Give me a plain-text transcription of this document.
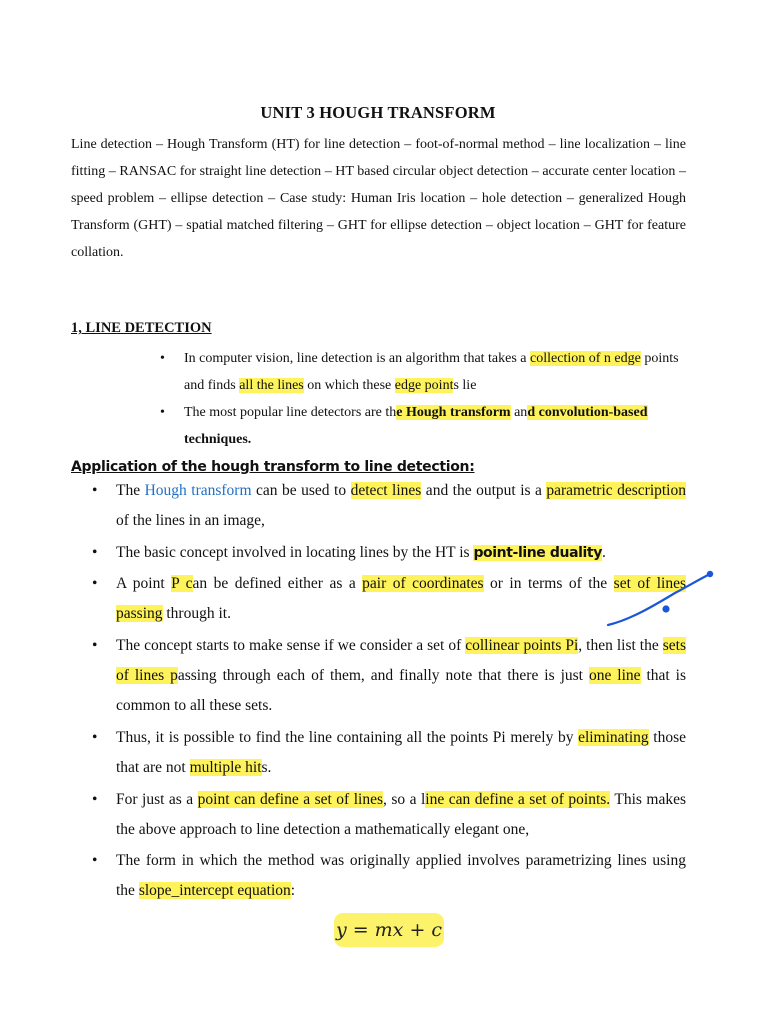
UNIT 3 HOUGH TRANSFORM
Line detection – Hough Transform (HT) for line detection – foot-of-normal method – line localization – line fitting – RANSAC for straight line detection – HT based circular object detection – accurate center location – speed problem – ellipse detection – Case study: Human Iris location – hole detection – generalized Hough Transform (GHT) – spatial matched filtering – GHT for ellipse detection – object location – GHT for feature collation.
1, LINE DETECTION
• In computer vision, line detection is an algorithm that takes a collection of n edge points and finds all the lines on which these edge points lie
• The most popular line detectors are the Hough transform and convolution-based techniques.
Application of the hough transform to line detection:
• The Hough transform can be used to detect lines and the output is a parametric description of the lines in an image,
• The basic concept involved in locating lines by the HT is point-line duality.
• A point P can be defined either as a pair of coordinates or in terms of the set of lines passing through it.
• The concept starts to make sense if we consider a set of collinear points Pi, then list the sets of lines passing through each of them, and finally note that there is just one line that is common to all these sets.
• Thus, it is possible to find the line containing all the points Pi merely by eliminating those that are not multiple hits.
• For just as a point can define a set of lines, so a line can define a set of points. This makes the above approach to line detection a mathematically elegant one,
• The form in which the method was originally applied involves parametrizing lines using the slope_intercept equation:
y = mx + c
